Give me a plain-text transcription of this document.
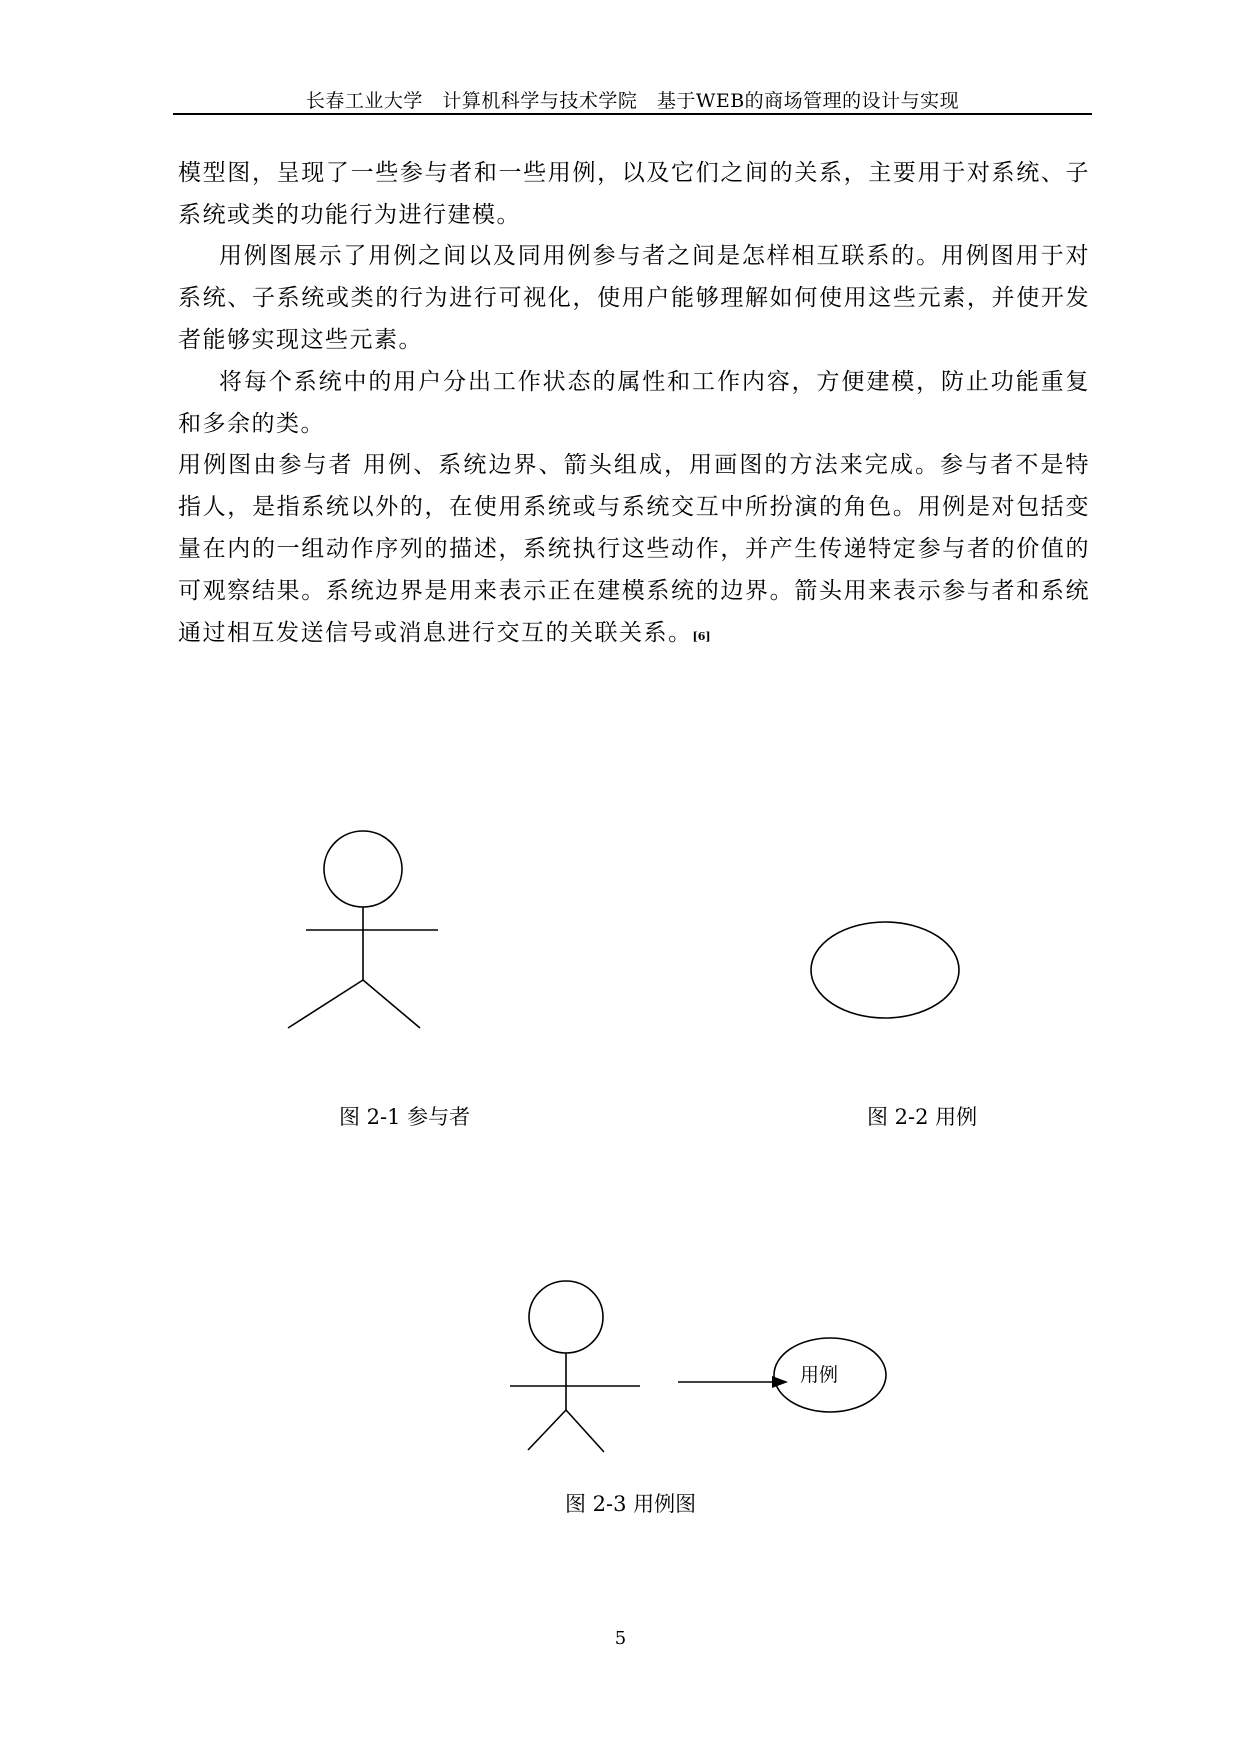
长春工业大学　计算机科学与技术学院　基于WEB的商场管理的设计与实现
模型图，呈现了一些参与者和一些用例，以及它们之间的关系，主要用于对系统、子系统或类的功能行为进行建模。
用例图展示了用例之间以及同用例参与者之间是怎样相互联系的。用例图用于对系统、子系统或类的行为进行可视化，使用户能够理解如何使用这些元素，并使开发者能够实现这些元素。
将每个系统中的用户分出工作状态的属性和工作内容，方便建模，防止功能重复和多余的类。
用例图由参与者 用例、系统边界、箭头组成，用画图的方法来完成。参与者不是特指人，是指系统以外的，在使用系统或与系统交互中所扮演的角色。用例是对包括变量在内的一组动作序列的描述，系统执行这些动作，并产生传递特定参与者的价值的可观察结果。系统边界是用来表示正在建模系统的边界。箭头用来表示参与者和系统通过相互发送信号或消息进行交互的关联关系。[6]
图 2-1 参与者	图 2-2 用例
用例
图 2-3 用例图
5
